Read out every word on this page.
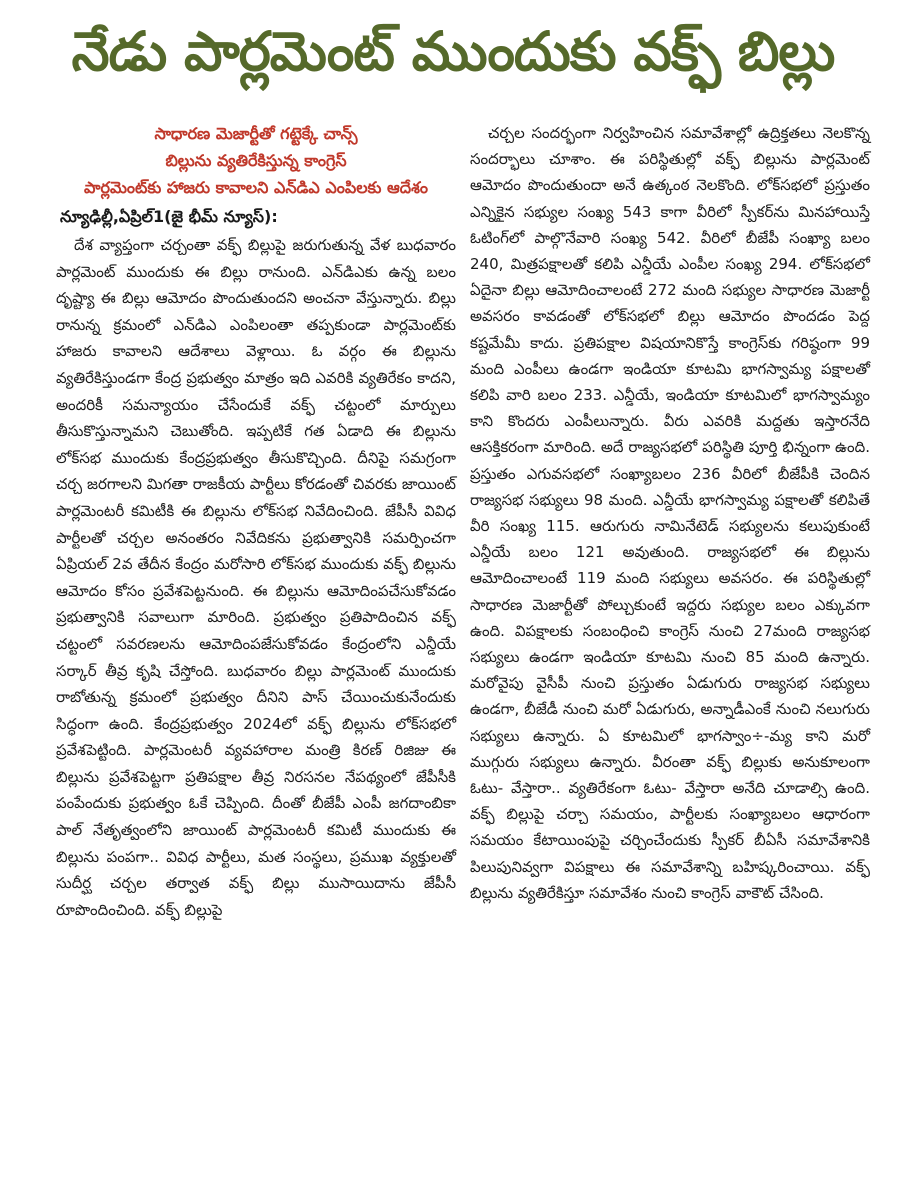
నేడు పార్లమెంట్ ముందుకు వక్ఫ్ బిల్లు
సాధారణ మెజార్టీతో గట్టెక్కే చాన్స్
బిల్లును వ్యతిరేకిస్తున్న కాంగ్రెస్
పార్లమెంట్‌కు హాజరు కావాలని ఎన్‌డిఎ ఎంపిలకు ఆదేశం
న్యూఢిల్లీ,ఏప్రిల్1(జై భీమ్ న్యూస్):

దేశ వ్యాప్తంగా చర్చంతా వక్ఫ్ బిల్లుపై జరుగుతున్న వేళ బుధవారం పార్లమెంట్ ముందుకు ఈ బిల్లు రానుంది. ఎన్‌డిఎకు ఉన్న బలం దృష్ట్యా ఈ బిల్లు ఆమోదం పొందుతుందని అంచనా వేస్తున్నారు. బిల్లు రానున్న క్రమంలో ఎన్‌డిఎ ఎంపిలంతా తప్పకుండా పార్లమెంట్‌కు హాజరు కావాలని ఆదేశాలు వెళ్లాయి. ఓ వర్గం ఈ బిల్లును వ్యతిరేకిస్తుండగా కేంద్ర ప్రభుత్వం మాత్రం ఇది ఎవరికి వ్యతిరేకం కాదని, అందరికీ సమన్యాయం చేసేందుకే వక్ఫ్ చట్టంలో మార్పులు తీసుకొస్తున్నామని చెబుతోంది. ఇప్పటికే గత ఏడాది ఈ బిల్లును లోక్‌సభ ముందుకు కేంద్రప్రభుత్వం తీసుకొచ్చింది. దీనిపై సమగ్రంగా చర్చ జరగాలని మిగతా రాజకీయ పార్టీలు కోరడంతో చివరకు జాయింట్ పార్లమెంటరీ కమిటీకి ఈ బిల్లును లోక్‌సభ నివేదించింది. జేపీసీ వివిధ పార్టీలతో చర్చల అనంతరం నివేదికను ప్రభుత్వానికి సమర్పించగా ఏప్రియల్ 2వ తేదీన కేంద్రం మరోసారి లోక్‌సభ ముందుకు వక్ఫ్ బిల్లును ఆమోదం కోసం ప్రవేశపెట్టనుంది. ఈ బిల్లును ఆమోదింపచేసుకోవడం ప్రభుత్వానికి సవాలుగా మారింది. ప్రభుత్వం ప్రతిపాదించిన వక్ఫ్ చట్టంలో సవరణలను ఆమోదింపజేసుకోవడం కేంద్రంలోని ఎన్డీయే సర్కార్ తీవ్ర కృషి చేస్తోంది. బుధవారం బిల్లు పార్లమెంట్ ముందుకు రాబోతున్న క్రమంలో ప్రభుత్వం దీనిని పాస్ చేయించుకునేందుకు సిద్ధంగా ఉంది. కేంద్రప్రభుత్వం 2024లో వక్ఫ్ బిల్లును లోక్‌సభలో ప్రవేశపెట్టింది. పార్లమెంటరీ వ్యవహారాల మంత్రి కిరణ్ రిజిజు ఈ బిల్లును ప్రవేశపెట్టగా ప్రతిపక్షాల తీవ్ర నిరసనల నేపథ్యంలో జేపీసీకి పంపేందుకు ప్రభుత్వం ఓకే చెప్పింది. దీంతో బీజేపీ ఎంపీ జగదాంబికా పాల్ నేతృత్వంలోని జాయింట్ పార్లమెంటరీ కమిటీ ముందుకు ఈ బిల్లును పంపగా.. వివిధ పార్టీలు, మత సంస్థలు, ప్రముఖ వ్యక్తులతో సుదీర్ఘ చర్చల తర్వాత వక్ఫ్ బిల్లు ముసాయిదాను జేపీసీ రూపొందించింది. వక్ఫ్ బిల్లుపై

చర్చల సందర్భంగా నిర్వహించిన సమావేశాల్లో ఉద్రిక్తతలు నెలకొన్న సందర్భాలు చూశాం. ఈ పరిస్థితుల్లో వక్ఫ్ బిల్లును పార్లమెంట్ ఆమోదం పొందుతుందా అనే ఉత్కంఠ నెలకొంది. లోక్‌సభలో ప్రస్తుతం ఎన్నికైన సభ్యుల సంఖ్య 543 కాగా వీరిలో స్పీకర్‌ను మినహాయిస్తే ఓటింగ్‌లో పాల్గొనేవారి సంఖ్య 542. వీరిలో బీజేపీ సంఖ్యా బలం 240, మిత్రపక్షాలతో కలిపి ఎన్డీయే ఎంపీల సంఖ్య 294. లోక్‌సభలో ఏదైనా బిల్లు ఆమోదించాలంటే 272 మంది సభ్యుల సాధారణ మెజార్టీ అవసరం కావడంతో లోక్‌సభలో బిల్లు ఆమోదం పొందడం పెద్ద కష్టమేమీ కాదు. ప్రతిపక్షాల విషయానికొస్తే కాంగ్రెస్‌కు గరిష్ఠంగా 99 మంది ఎంపీలు ఉండగా ఇండియా కూటమి భాగస్వామ్య పక్షాలతో కలిపి వారి బలం 233. ఎన్డీయే, ఇండియా కూటమిలో భాగస్వామ్యం కాని కొందరు ఎంపీలున్నారు. వీరు ఎవరికి మద్దతు ఇస్తారనేది ఆసక్తికరంగా మారింది. అదే రాజ్యసభలో పరిస్థితి పూర్తి భిన్నంగా ఉంది. ప్రస్తుతం ఎగువసభలో సంఖ్యాబలం 236 వీరిలో బీజేపీకి చెందిన రాజ్యసభ సభ్యులు 98 మంది. ఎన్డీయే భాగస్వామ్య పక్షాలతో కలిపితే వీరి సంఖ్య 115. ఆరుగురు నామినేటెడ్ సభ్యులను కలుపుకుంటే ఎన్డీయే బలం 121 అవుతుంది. రాజ్యసభలో ఈ బిల్లును ఆమోదించాలంటే 119 మంది సభ్యులు అవసరం. ఈ పరిస్థితుల్లో సాధారణ మెజార్టీతో పోల్చుకుంటే ఇద్దరు సభ్యుల బలం ఎక్కువగా ఉంది. విపక్షాలకు సంబంధించి కాంగ్రెస్ నుంచి 27మంది రాజ్యసభ సభ్యులు ఉండగా ఇండియా కూటమి నుంచి 85 మంది ఉన్నారు. మరోవైపు వైసీపీ నుంచి ప్రస్తుతం ఏడుగురు రాజ్యసభ సభ్యులు ఉండగా, బీజేడీ నుంచి మరో ఏడుగురు, అన్నాడీఎంకే నుంచి నలుగురు సభ్యులు ఉన్నారు. ఏ కూటమిలో భాగస్వాం÷-మ్య కాని మరో ముగ్గురు సభ్యులు ఉన్నారు. వీరంతా వక్ఫ్ బిల్లుకు అనుకూలంగా ఓటు- వేస్తారా.. వ్యతిరేకంగా ఓటు- వేస్తారా అనేది చూడాల్సి ఉంది. వక్ఫ్ బిల్లుపై చర్చా సమయం, పార్టీలకు సంఖ్యాబలం ఆధారంగా సమయం కేటాయింపుపై చర్చించేందుకు స్పీకర్ బీఏసీ సమావేశానికి పిలుపునివ్వగా విపక్షాలు ఈ సమావేశాన్ని బహిష్కరించాయి. వక్ఫ్ బిల్లును వ్యతిరేకిస్తూ సమావేశం నుంచి కాంగ్రెస్ వాకౌట్ చేసింది.
